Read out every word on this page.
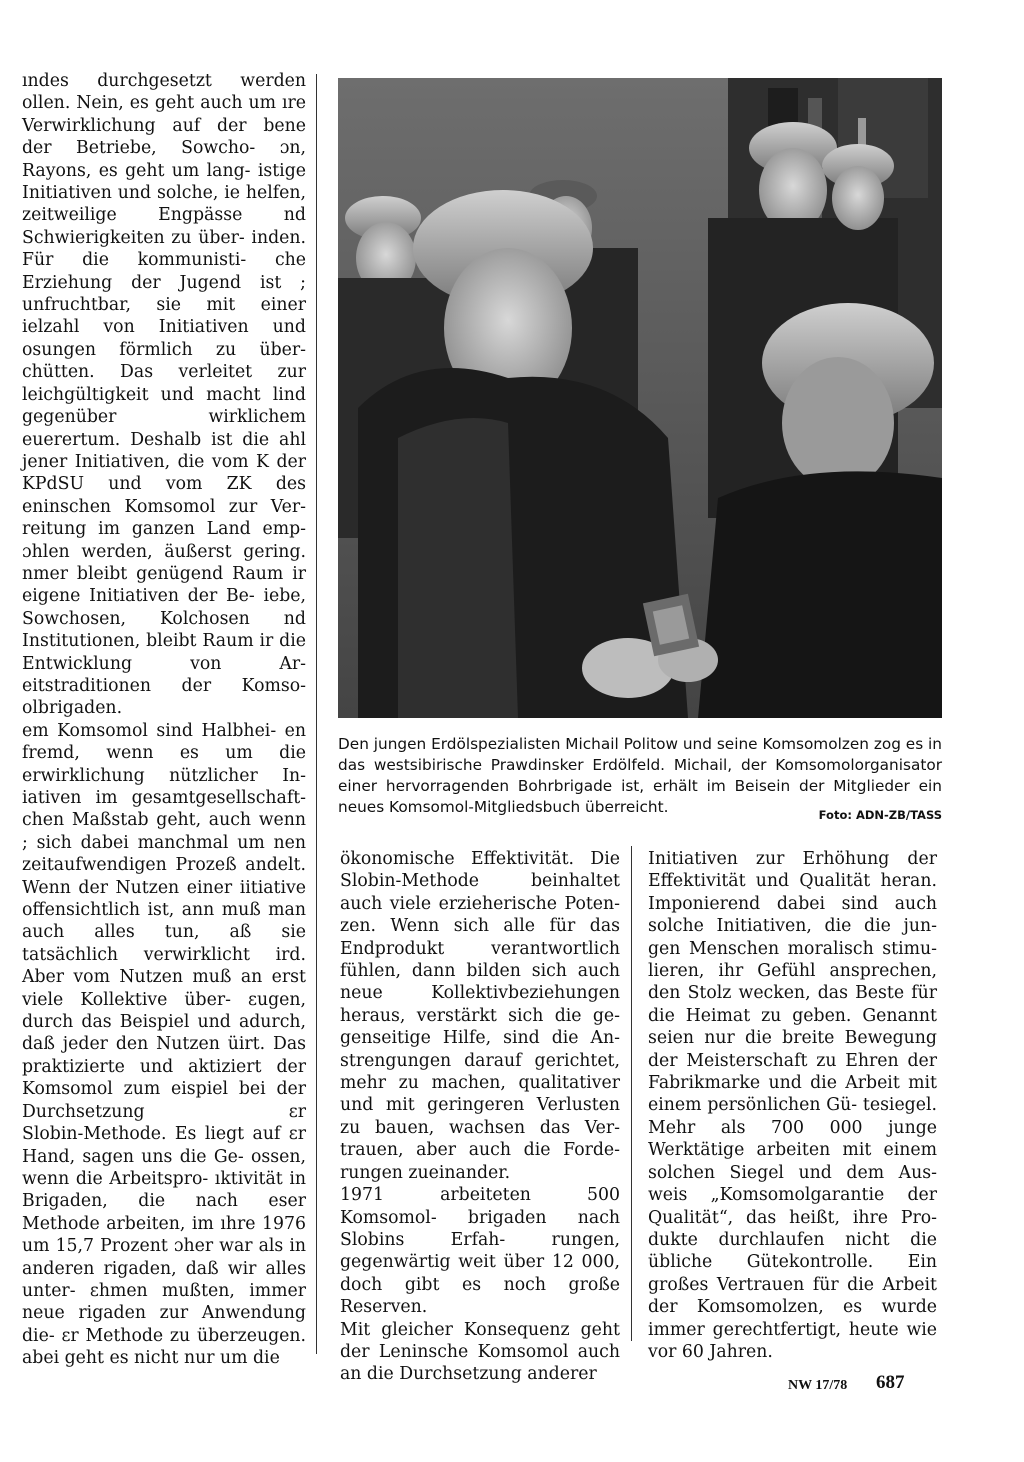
ındes durchgesetzt werden ollen. Nein, es geht auch um ıre Verwirklichung auf der bene der Betriebe, Sowcho‑ ɔn, Rayons, es geht um lang‑ istige Initiativen und solche, ie helfen, zeitweilige Engpässe nd Schwierigkeiten zu über‑ inden. Für die kommunisti‑ che Erziehung der Jugend ist ; unfruchtbar, sie mit einer ielzahl von Initiativen und osungen förmlich zu über‑ chütten. Das verleitet zur leichgültigkeit und macht lind gegenüber wirklichem euerertum. Deshalb ist die ahl jener Initiativen, die vom K der KPdSU und vom ZK des eninschen Komsomol zur Ver‑ reitung im ganzen Land emp‑ ɔhlen werden, äußerst gering. nmer bleibt genügend Raum ir eigene Initiativen der Be‑ iebe, Sowchosen, Kolchosen nd Institutionen, bleibt Raum ir die Entwicklung von Ar‑ eitstraditionen der Komso‑ olbrigaden.

em Komsomol sind Halbhei‑ en fremd, wenn es um die erwirklichung nützlicher In‑ iativen im gesamtgesellschaft‑ chen Maßstab geht, auch wenn ; sich dabei manchmal um nen zeitaufwendigen Prozeß andelt. Wenn der Nutzen einer iitiative offensichtlich ist, ann muß man auch alles tun, aß sie tatsächlich verwirklicht ird. Aber vom Nutzen muß an erst viele Kollektive über‑ ɛugen, durch das Beispiel und adurch, daß jeder den Nutzen üirt. Das praktizierte und aktiziert der Komsomol zum eispiel bei der Durchsetzung ɛr Slobin‑Methode. Es liegt auf ɛr Hand, sagen uns die Ge‑ ossen, wenn die Arbeitspro‑ ıktivität in Brigaden, die nach eser Methode arbeiten, im ıhre 1976 um 15,7 Prozent ɔher war als in anderen rigaden, daß wir alles unter‑ ɛhmen mußten, immer neue rigaden zur Anwendung die‑ ɛr Methode zu überzeugen. abei geht es nicht nur um die

Den jungen Erdölspezialisten Michail Politow und seine Komsomolzen zog es in das westsibirische Prawdinsker Erdölfeld. Michail, der Komsomolorganisator einer hervorragenden Bohrbrigade ist, erhält im Beisein der Mitglieder ein neues Komsomol‑Mitgliedsbuch überreicht.	Foto: ADN‑ZB/TASS

ökonomische Effektivität. Die Slobin‑Methode beinhaltet auch viele erzieherische Poten‑ zen. Wenn sich alle für das Endprodukt verantwortlich fühlen, dann bilden sich auch neue Kollektivbeziehungen heraus, verstärkt sich die ge‑ genseitige Hilfe, sind die An‑ strengungen darauf gerichtet, mehr zu machen, qualitativer und mit geringeren Verlusten zu bauen, wachsen das Ver‑ trauen, aber auch die Forde‑ rungen zueinander.

1971 arbeiteten 500 Komsomol‑ brigaden nach Slobins Erfah‑ rungen, gegenwärtig weit über 12 000, doch gibt es noch große Reserven.

Mit gleicher Konsequenz geht der Leninsche Komsomol auch an die Durchsetzung anderer

Initiativen zur Erhöhung der Effektivität und Qualität heran. Imponierend dabei sind auch solche Initiativen, die die jun‑ gen Menschen moralisch stimu‑ lieren, ihr Gefühl ansprechen, den Stolz wecken, das Beste für die Heimat zu geben. Genannt seien nur die breite Bewegung der Meisterschaft zu Ehren der Fabrikmarke und die Arbeit mit einem persönlichen Gü‑ tesiegel. Mehr als 700 000 junge Werktätige arbeiten mit einem solchen Siegel und dem Aus‑ weis „Komsomolgarantie der Qualität“, das heißt, ihre Pro‑ dukte durchlaufen nicht die übliche Gütekontrolle. Ein großes Vertrauen für die Arbeit der Komsomolzen, es wurde immer gerechtfertigt, heute wie vor 60 Jahren.

NW 17/78 687
